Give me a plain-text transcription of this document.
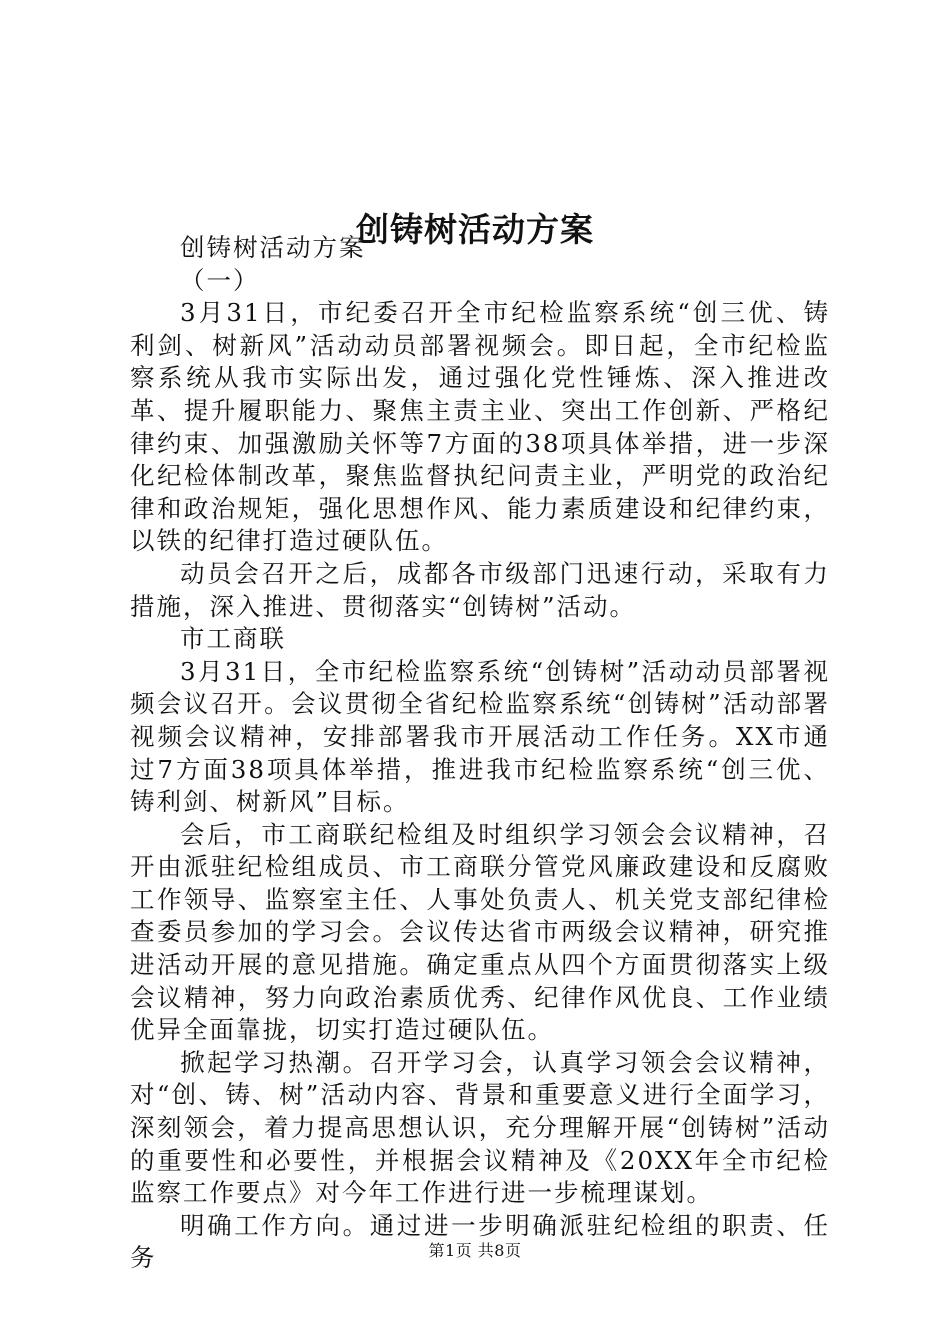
创铸树活动方案

创铸树活动方案

（一）

3月31日，市纪委召开全市纪检监察系统“创三优、铸利剑、树新风”活动动员部署视频会。即日起，全市纪检监察系统从我市实际出发，通过强化党性锤炼、深入推进改革、提升履职能力、聚焦主责主业、突出工作创新、严格纪律约束、加强激励关怀等7方面的38项具体举措，进一步深化纪检体制改革，聚焦监督执纪问责主业，严明党的政治纪律和政治规矩，强化思想作风、能力素质建设和纪律约束，以铁的纪律打造过硬队伍。

动员会召开之后，成都各市级部门迅速行动，采取有力措施，深入推进、贯彻落实“创铸树”活动。

市工商联

3月31日，全市纪检监察系统“创铸树”活动动员部署视频会议召开。会议贯彻全省纪检监察系统“创铸树”活动部署视频会议精神，安排部署我市开展活动工作任务。XX市通过7方面38项具体举措，推进我市纪检监察系统“创三优、铸利剑、树新风”目标。

会后，市工商联纪检组及时组织学习领会会议精神，召开由派驻纪检组成员、市工商联分管党风廉政建设和反腐败工作领导、监察室主任、人事处负责人、机关党支部纪律检查委员参加的学习会。会议传达省市两级会议精神，研究推进活动开展的意见措施。确定重点从四个方面贯彻落实上级会议精神，努力向政治素质优秀、纪律作风优良、工作业绩优异全面靠拢，切实打造过硬队伍。

掀起学习热潮。召开学习会，认真学习领会会议精神，对“创、铸、树”活动内容、背景和重要意义进行全面学习，深刻领会，着力提高思想认识，充分理解开展“创铸树”活动的重要性和必要性，并根据会议精神及《20XX年全市纪检监察工作要点》对今年工作进行进一步梳理谋划。

明确工作方向。通过进一步明确派驻纪检组的职责、任务	第1页 共8页
